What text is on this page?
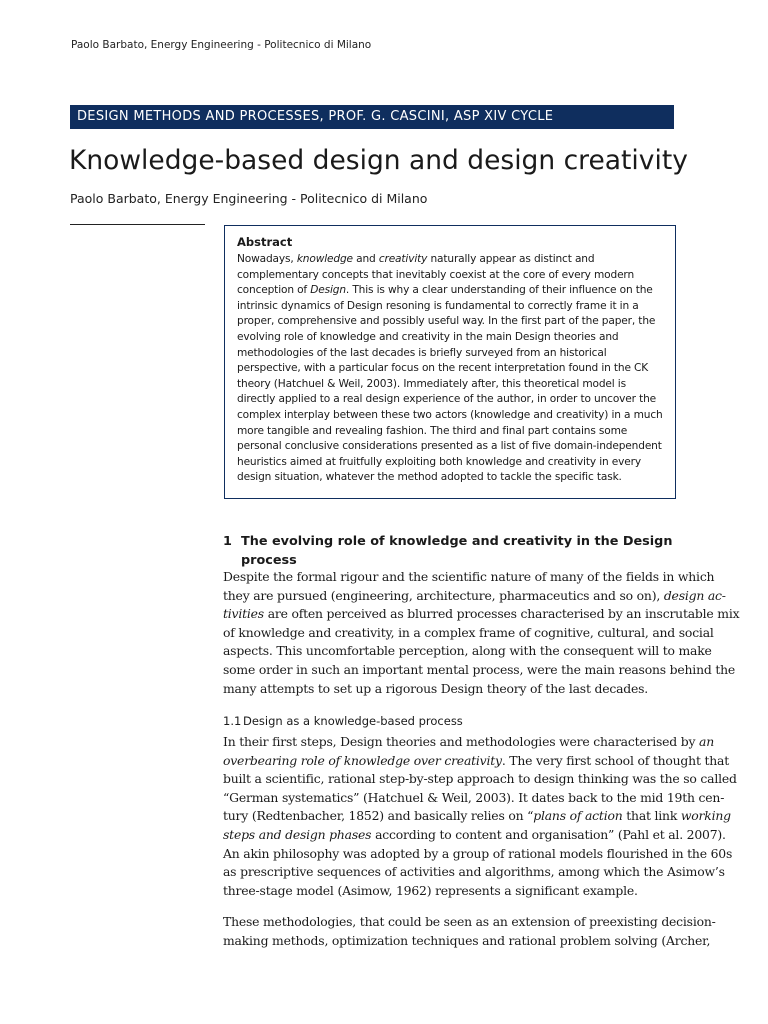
Paolo Barbato, Energy Engineering - Politecnico di Milano
DESIGN METHODS AND PROCESSES, PROF. G. CASCINI, ASP XIV CYCLE
Knowledge-based design and design creativity
Paolo Barbato, Energy Engineering - Politecnico di Milano
Abstract
Nowadays, knowledge and creativity naturally appear as distinct and
complementary concepts that inevitably coexist at the core of every modern
conception of Design. This is why a clear understanding of their influence on the
intrinsic dynamics of Design resoning is fundamental to correctly frame it in a
proper, comprehensive and possibly useful way. In the first part of the paper, the
evolving role of knowledge and creativity in the main Design theories and
methodologies of the last decades is briefly surveyed from an historical
perspective, with a particular focus on the recent interpretation found in the CK
theory (Hatchuel & Weil, 2003). Immediately after, this theoretical model is
directly applied to a real design experience of the author, in order to uncover the
complex interplay between these two actors (knowledge and creativity) in a much
more tangible and revealing fashion. The third and final part contains some
personal conclusive considerations presented as a list of five domain-independent
heuristics aimed at fruitfully exploiting both knowledge and creativity in every
design situation, whatever the method adopted to tackle the specific task.
1 The evolving role of knowledge and creativity in the Design
process
Despite the formal rigour and the scientific nature of many of the fields in which
they are pursued (engineering, architecture, pharmaceutics and so on), design ac-
tivities are often perceived as blurred processes characterised by an inscrutable mix
of knowledge and creativity, in a complex frame of cognitive, cultural, and social
aspects. This uncomfortable perception, along with the consequent will to make
some order in such an important mental process, were the main reasons behind the
many attempts to set up a rigorous Design theory of the last decades.
1.1 Design as a knowledge-based process
In their first steps, Design theories and methodologies were characterised by an
overbearing role of knowledge over creativity. The very first school of thought that
built a scientific, rational step-by-step approach to design thinking was the so called
“German systematics” (Hatchuel & Weil, 2003). It dates back to the mid 19th cen-
tury (Redtenbacher, 1852) and basically relies on “plans of action that link working
steps and design phases according to content and organisation” (Pahl et al. 2007).
An akin philosophy was adopted by a group of rational models flourished in the 60s
as prescriptive sequences of activities and algorithms, among which the Asimow’s
three-stage model (Asimow, 1962) represents a significant example.
These methodologies, that could be seen as an extension of preexisting decision-
making methods, optimization techniques and rational problem solving (Archer,
